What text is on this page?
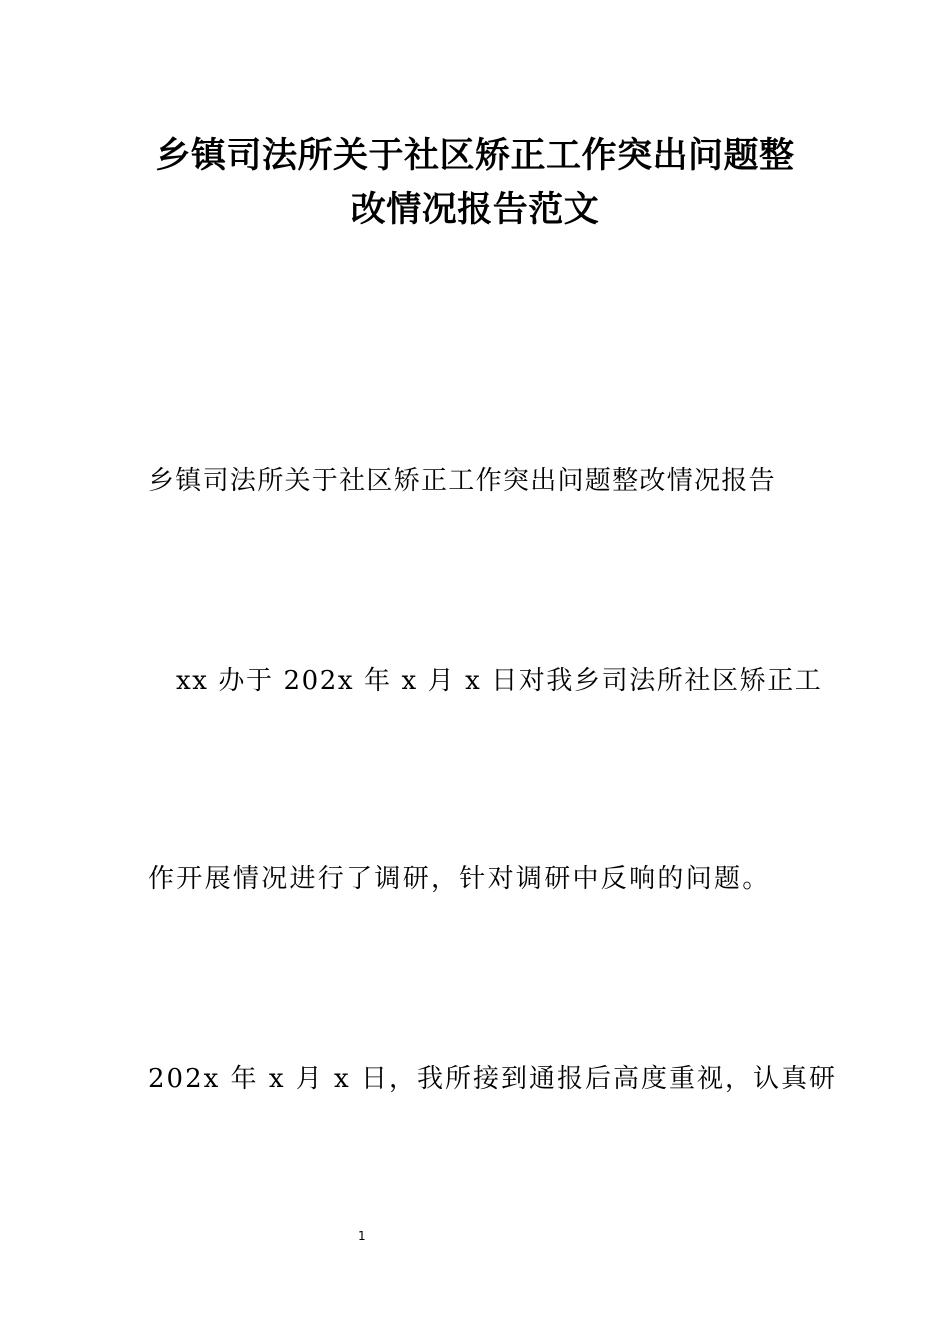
乡镇司法所关于社区矫正工作突出问题整
改情况报告范文
乡镇司法所关于社区矫正工作突出问题整改情况报告
xx 办于 202x 年 x 月 x 日对我乡司法所社区矫正工
作开展情况进行了调研，针对调研中反响的问题。
202x 年 x 月 x 日，我所接到通报后高度重视，认真研
1
